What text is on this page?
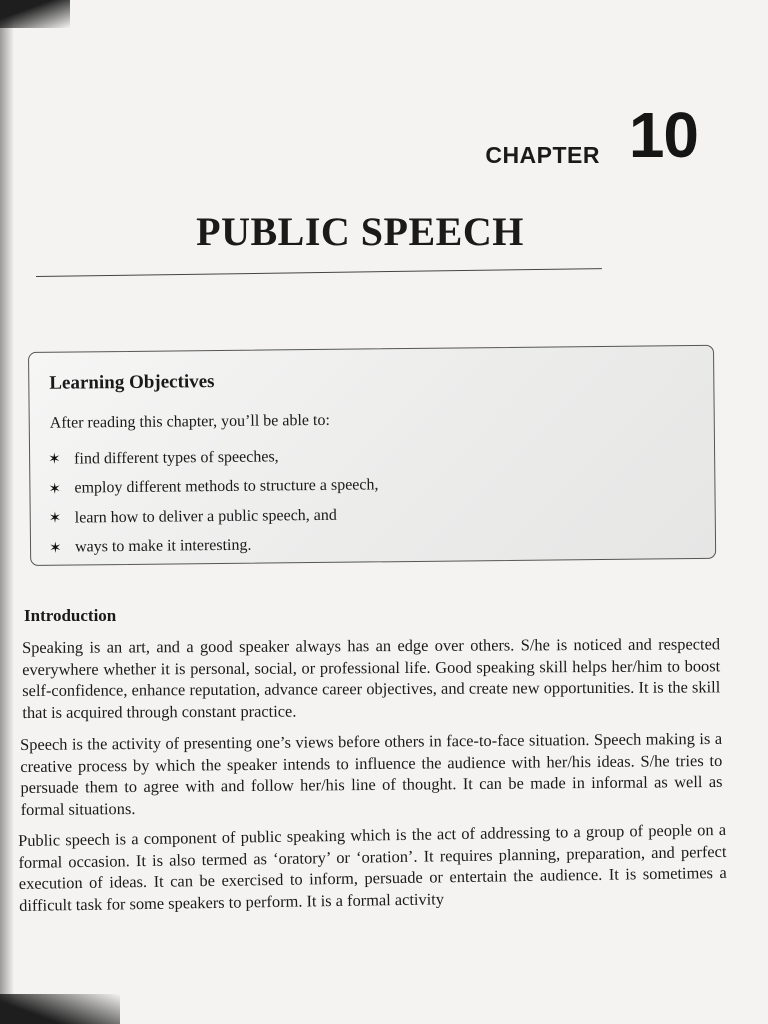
CHAPTER 10
PUBLIC SPEECH
Learning Objectives
After reading this chapter, you’ll be able to:
✶ find different types of speeches,
✶ employ different methods to structure a speech,
✶ learn how to deliver a public speech, and
✶ ways to make it interesting.
Introduction

Speaking is an art, and a good speaker always has an edge over others. S/he is noticed and respected everywhere whether it is personal, social, or professional life. Good speaking skill helps her/him to boost self-confidence, enhance reputation, advance career objectives, and create new opportunities. It is the skill that is acquired through constant practice.

Speech is the activity of presenting one’s views before others in face-to-face situation. Speech making is a creative process by which the speaker intends to influence the audience with her/his ideas. S/he tries to persuade them to agree with and follow her/his line of thought. It can be made in informal as well as formal situations.

Public speech is a component of public speaking which is the act of addressing to a group of people on a formal occasion. It is also termed as ‘oratory’ or ‘oration’. It requires planning, preparation, and perfect execution of ideas. It can be exercised to inform, persuade or entertain the audience. It is sometimes a difficult task for some speakers to perform. It is a formal activity
